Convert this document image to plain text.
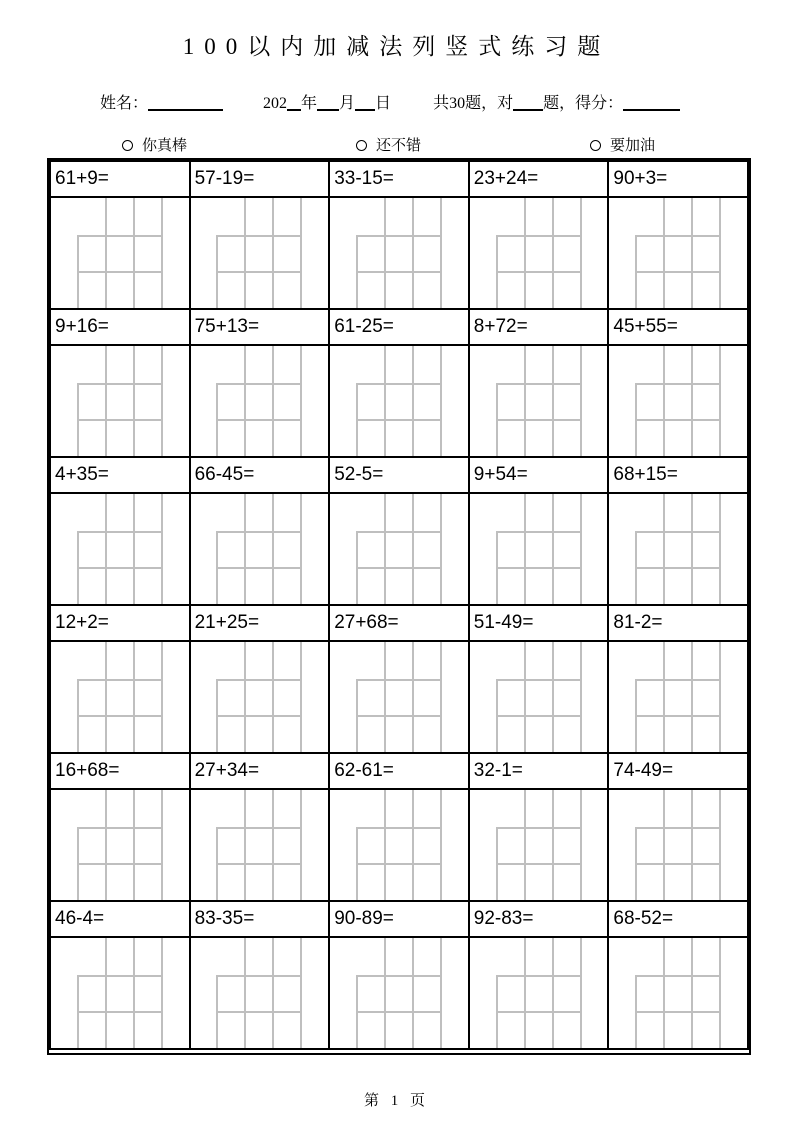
100以内加减法列竖式练习题
姓名：	202 年 月 日	共30题，对 题，得分：
你真棒	还不错	要加油
61+9=	57-19=	33-15=	23+24=	90+3=

9+16=	75+13=	61-25=	8+72=	45+55=

4+35=	66-45=	52-5=	9+54=	68+15=

12+2=	21+25=	27+68=	51-49=	81-2=

16+68=	27+34=	62-61=	32-1=	74-49=

46-4=	83-35=	90-89=	92-83=	68-52=

第 1 页
